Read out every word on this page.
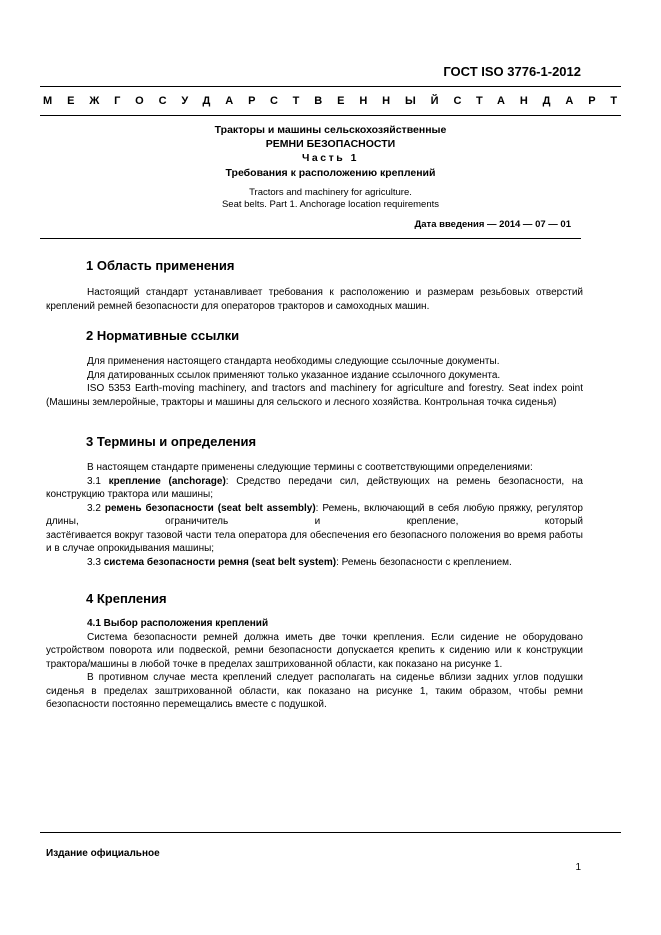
ГОСТ ISO 3776-1-2012
МЕЖГОСУДАРСТВЕННЫЙСТАНДАРТ
Тракторы и машины сельскохозяйственные
РЕМНИ БЕЗОПАСНОСТИ
Часть 1
Требования к расположению креплений
Tractors and machinery for agriculture.
Seat belts. Part 1. Anchorage location requirements
Дата введения — 2014 — 07 — 01
1 Область применения

Настоящий стандарт устанавливает требования к расположению и размерам резьбовых отверстий креплений ремней безопасности для операторов тракторов и самоходных машин.

2 Нормативные ссылки

Для применения настоящего стандарта необходимы следующие ссылочные документы.

Для датированных ссылок применяют только указанное издание ссылочного документа.

ISO 5353 Earth-moving machinery, and tractors and machinery for agriculture and forestry. Seat index point (Машины землеройные, тракторы и машины для сельского и лесного хозяйства. Контрольная точка сиденья)

3 Термины и определения

В настоящем стандарте применены следующие термины с соответствующими определениями:

3.1 крепление (anchorage): Средство передачи сил, действующих на ремень безопасности, на конструкцию трактора или машины;

3.2 ремень безопасности (seat belt assembly): Ремень, включающий в себя любую пряжку, регулятор длины, ограничитель и крепление, который

застёгивается вокруг тазовой части тела оператора для обеспечения его безопасного положения во время работы и в случае опрокидывания машины;

3.3 система безопасности ремня (seat belt system): Ремень безопасности с креплением.

4 Крепления

4.1 Выбор расположения креплений

Система безопасности ремней должна иметь две точки крепления. Если сидение не оборудовано устройством поворота или подвеской, ремни безопасности допускается крепить к сидению или к конструкции трактора/машины в любой точке в пределах заштрихованной области, как показано на рисунке 1.

В противном случае места креплений следует располагать на сиденье вблизи задних углов подушки сиденья в пределах заштрихованной области, как показано на рисунке 1, таким образом, чтобы ремни безопасности постоянно перемещались вместе с подушкой.

Издание официальное
1
